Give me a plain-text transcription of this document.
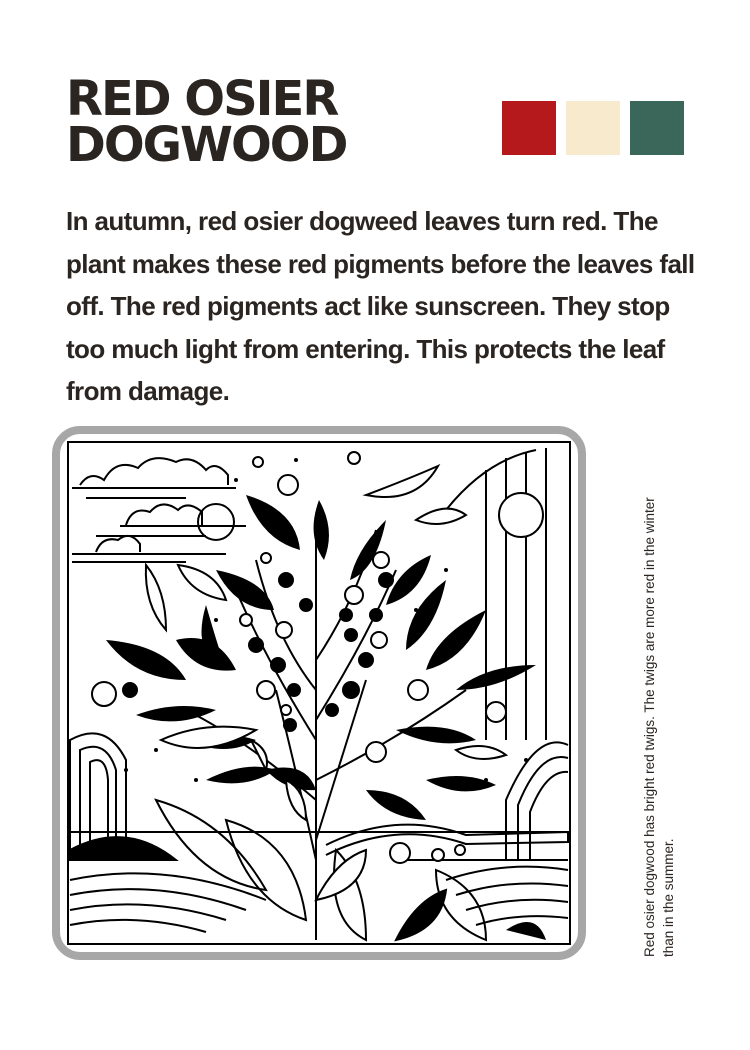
RED OSIER
DOGWOOD

In autumn, red osier dogweed leaves turn red. The plant makes these red pigments before the leaves fall off. The red pigments act like sunscreen. They stop too much light from entering. This protects the leaf from damage.

Red osier dogwood has bright red twigs. The twigs are more red in the winter than in the summer.
